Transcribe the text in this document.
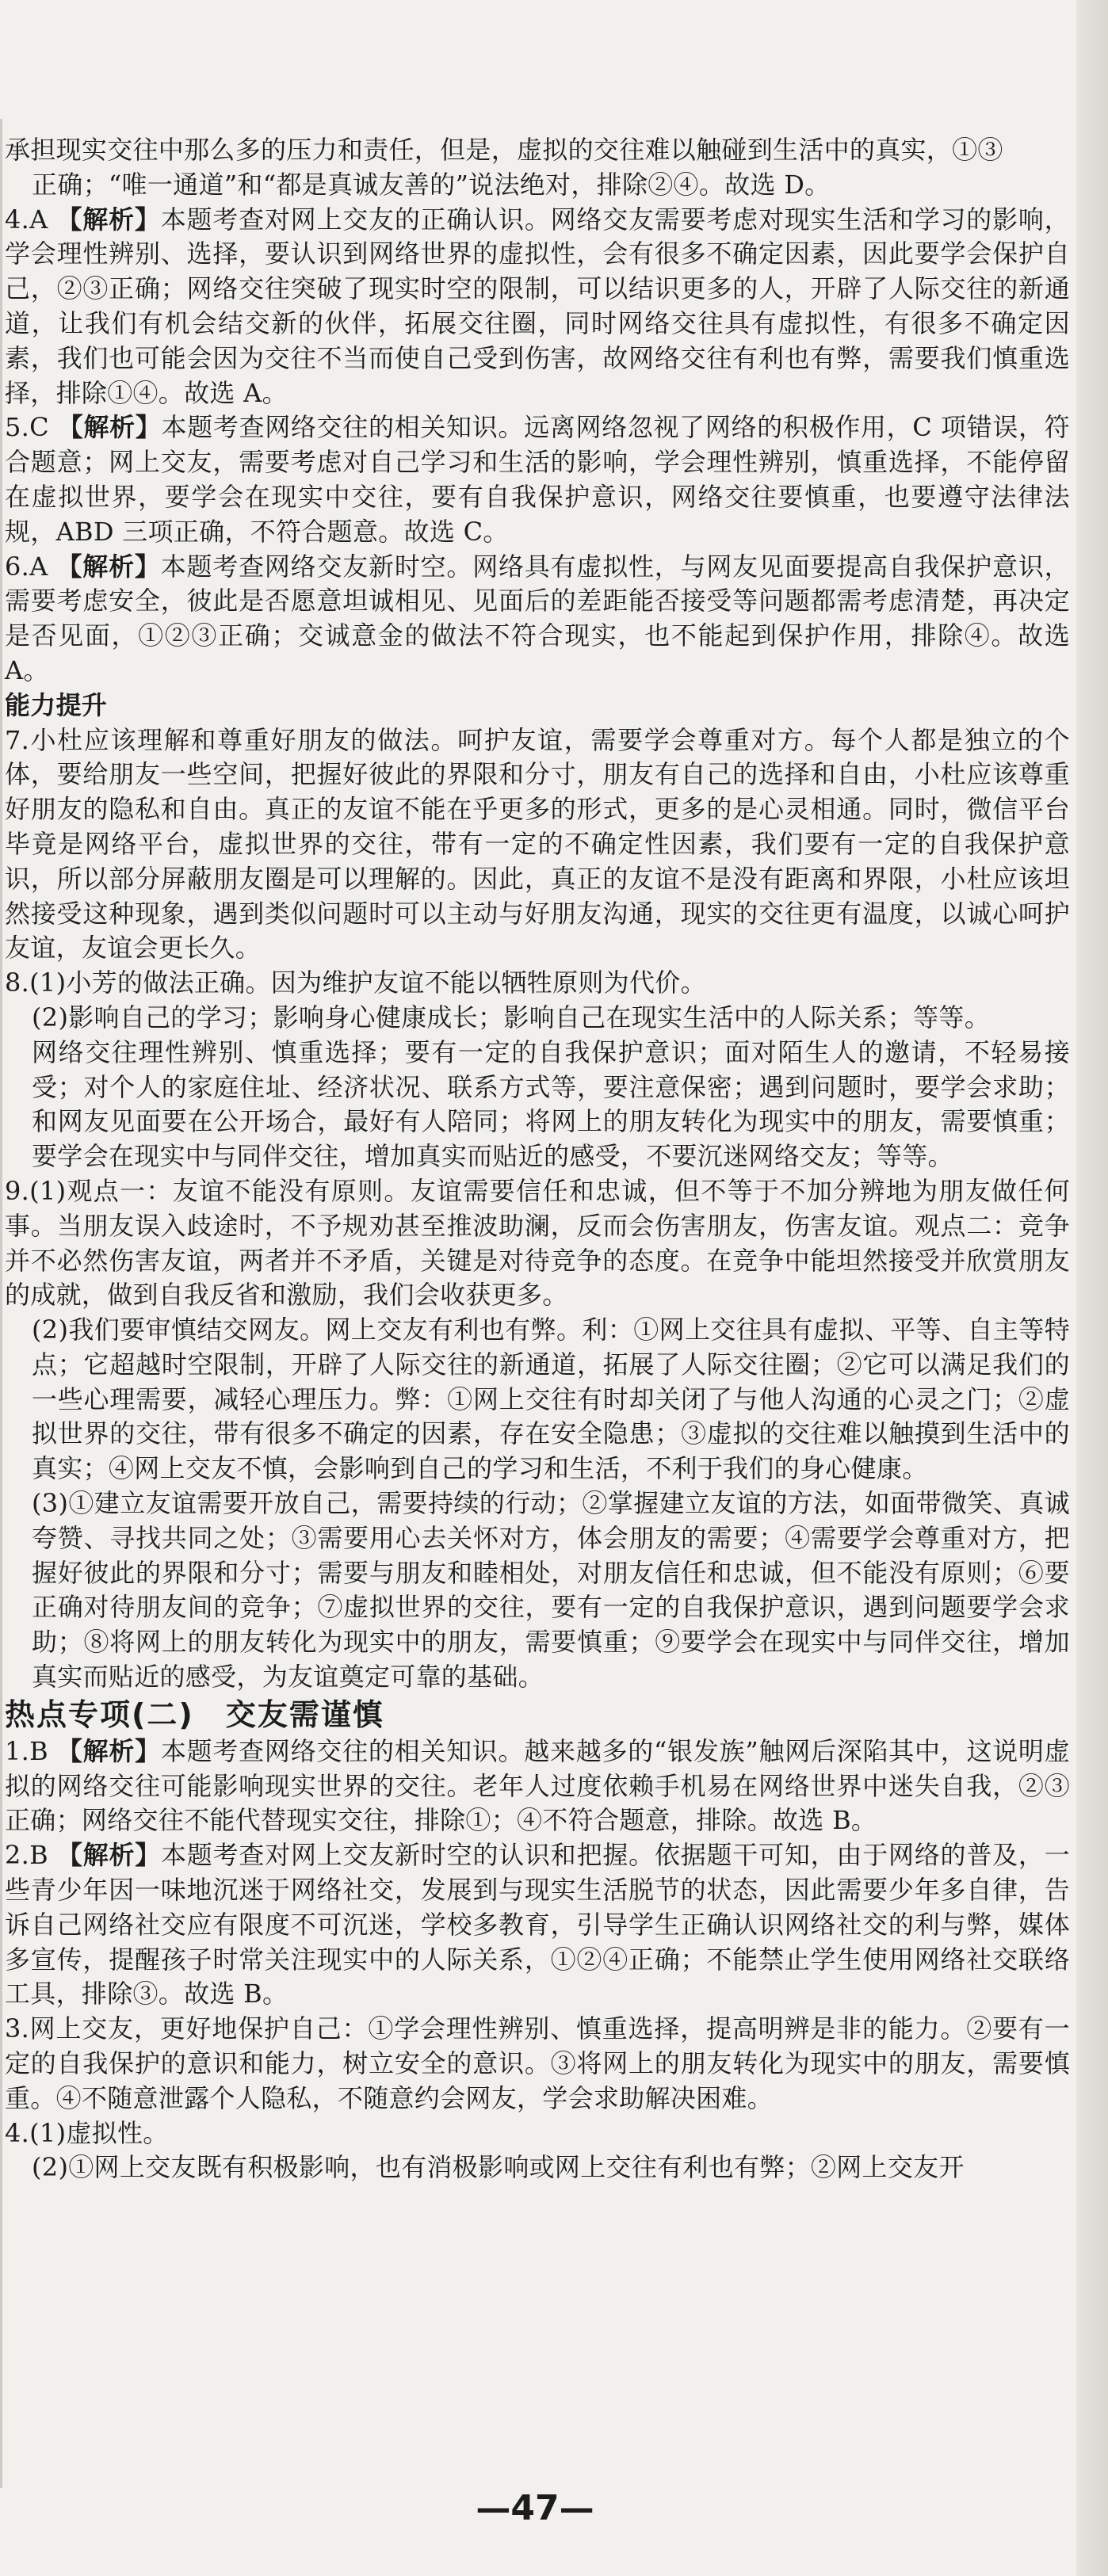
承担现实交往中那么多的压力和责任，但是，虚拟的交往难以触碰到生活中的真实，①③

正确；“唯一通道”和“都是真诚友善的”说法绝对，排除②④。故选 D。

4.A 【解析】本题考查对网上交友的正确认识。网络交友需要考虑对现实生活和学习的影响，学会理性辨别、选择，要认识到网络世界的虚拟性，会有很多不确定因素，因此要学会保护自己，②③正确；网络交往突破了现实时空的限制，可以结识更多的人，开辟了人际交往的新通道，让我们有机会结交新的伙伴，拓展交往圈，同时网络交往具有虚拟性，有很多不确定因素，我们也可能会因为交往不当而使自己受到伤害，故网络交往有利也有弊，需要我们慎重选择，排除①④。故选 A。

5.C 【解析】本题考查网络交往的相关知识。远离网络忽视了网络的积极作用，C 项错误，符合题意；网上交友，需要考虑对自己学习和生活的影响，学会理性辨别，慎重选择，不能停留在虚拟世界，要学会在现实中交往，要有自我保护意识，网络交往要慎重，也要遵守法律法规，ABD 三项正确，不符合题意。故选 C。

6.A 【解析】本题考查网络交友新时空。网络具有虚拟性，与网友见面要提高自我保护意识，需要考虑安全，彼此是否愿意坦诚相见、见面后的差距能否接受等问题都需考虑清楚，再决定是否见面，①②③正确；交诚意金的做法不符合现实，也不能起到保护作用，排除④。故选 A。

能力提升

7.小杜应该理解和尊重好朋友的做法。呵护友谊，需要学会尊重对方。每个人都是独立的个体，要给朋友一些空间，把握好彼此的界限和分寸，朋友有自己的选择和自由，小杜应该尊重好朋友的隐私和自由。真正的友谊不能在乎更多的形式，更多的是心灵相通。同时，微信平台毕竟是网络平台，虚拟世界的交往，带有一定的不确定性因素，我们要有一定的自我保护意识，所以部分屏蔽朋友圈是可以理解的。因此，真正的友谊不是没有距离和界限，小杜应该坦然接受这种现象，遇到类似问题时可以主动与好朋友沟通，现实的交往更有温度，以诚心呵护友谊，友谊会更长久。

8.(1)小芳的做法正确。因为维护友谊不能以牺牲原则为代价。

(2)影响自己的学习；影响身心健康成长；影响自己在现实生活中的人际关系；等等。

网络交往理性辨别、慎重选择；要有一定的自我保护意识；面对陌生人的邀请，不轻易接受；对个人的家庭住址、经济状况、联系方式等，要注意保密；遇到问题时，要学会求助；和网友见面要在公开场合，最好有人陪同；将网上的朋友转化为现实中的朋友，需要慎重；要学会在现实中与同伴交往，增加真实而贴近的感受，不要沉迷网络交友；等等。

9.(1)观点一：友谊不能没有原则。友谊需要信任和忠诚，但不等于不加分辨地为朋友做任何事。当朋友误入歧途时，不予规劝甚至推波助澜，反而会伤害朋友，伤害友谊。观点二：竞争并不必然伤害友谊，两者并不矛盾，关键是对待竞争的态度。在竞争中能坦然接受并欣赏朋友的成就，做到自我反省和激励，我们会收获更多。

(2)我们要审慎结交网友。网上交友有利也有弊。利：①网上交往具有虚拟、平等、自主等特点；它超越时空限制，开辟了人际交往的新通道，拓展了人际交往圈；②它可以满足我们的一些心理需要，减轻心理压力。弊：①网上交往有时却关闭了与他人沟通的心灵之门；②虚拟世界的交往，带有很多不确定的因素，存在安全隐患；③虚拟的交往难以触摸到生活中的真实；④网上交友不慎，会影响到自己的学习和生活，不利于我们的身心健康。

(3)①建立友谊需要开放自己，需要持续的行动；②掌握建立友谊的方法，如面带微笑、真诚夸赞、寻找共同之处；③需要用心去关怀对方，体会朋友的需要；④需要学会尊重对方，把握好彼此的界限和分寸；需要与朋友和睦相处，对朋友信任和忠诚，但不能没有原则；⑥要正确对待朋友间的竞争；⑦虚拟世界的交往，要有一定的自我保护意识，遇到问题要学会求助；⑧将网上的朋友转化为现实中的朋友，需要慎重；⑨要学会在现实中与同伴交往，增加真实而贴近的感受，为友谊奠定可靠的基础。

热点专项(二)　交友需谨慎

1.B 【解析】本题考查网络交往的相关知识。越来越多的“银发族”触网后深陷其中，这说明虚拟的网络交往可能影响现实世界的交往。老年人过度依赖手机易在网络世界中迷失自我，②③正确；网络交往不能代替现实交往，排除①；④不符合题意，排除。故选 B。

2.B 【解析】本题考查对网上交友新时空的认识和把握。依据题干可知，由于网络的普及，一些青少年因一味地沉迷于网络社交，发展到与现实生活脱节的状态，因此需要少年多自律，告诉自己网络社交应有限度不可沉迷，学校多教育，引导学生正确认识网络社交的利与弊，媒体多宣传，提醒孩子时常关注现实中的人际关系，①②④正确；不能禁止学生使用网络社交联络工具，排除③。故选 B。

3.网上交友，更好地保护自己：①学会理性辨别、慎重选择，提高明辨是非的能力。②要有一定的自我保护的意识和能力，树立安全的意识。③将网上的朋友转化为现实中的朋友，需要慎重。④不随意泄露个人隐私，不随意约会网友，学会求助解决困难。

4.(1)虚拟性。

(2)①网上交友既有积极影响，也有消极影响或网上交往有利也有弊；②网上交友开

—47—
